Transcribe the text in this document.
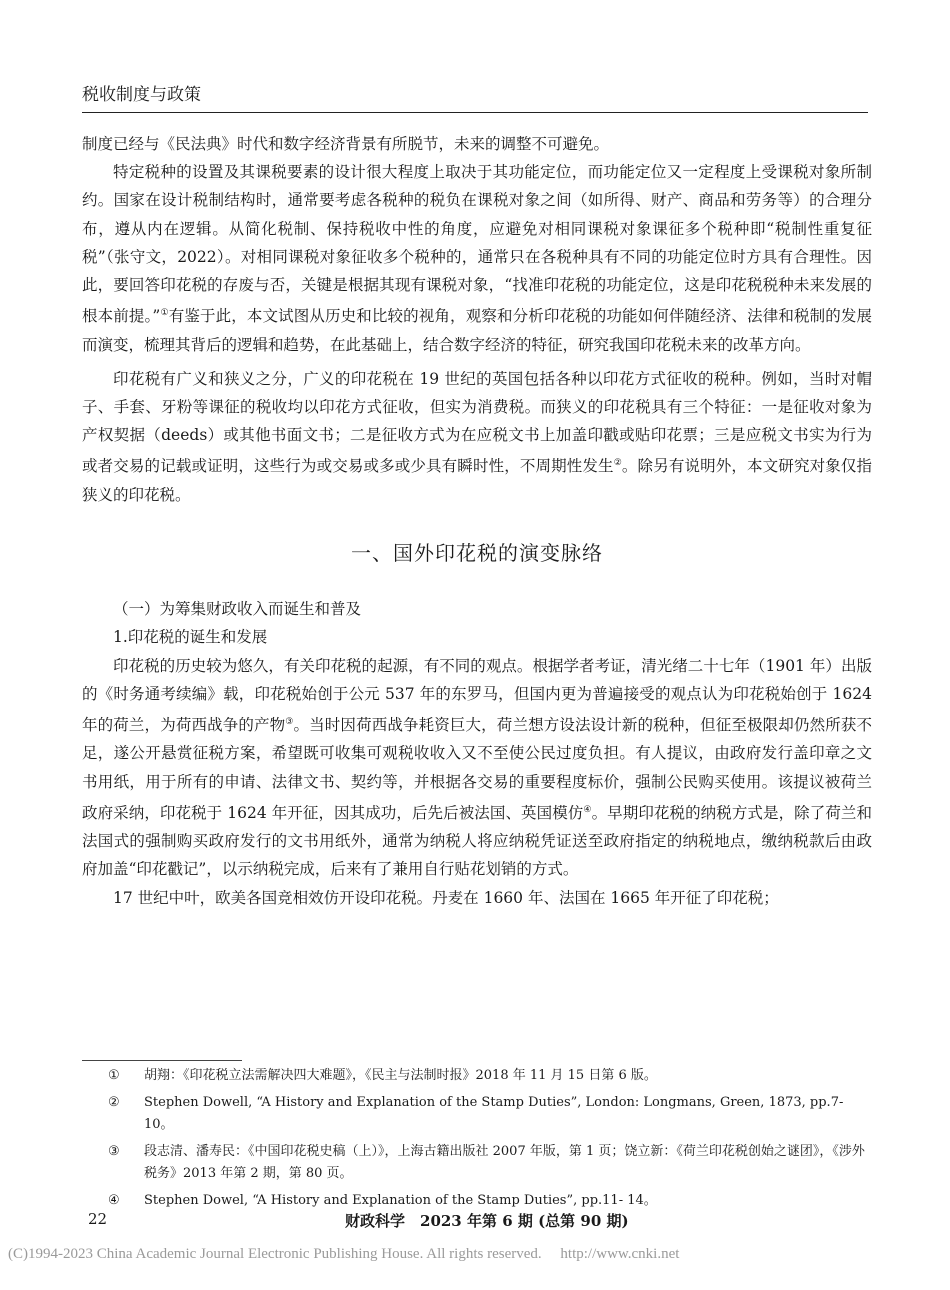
税收制度与政策

制度已经与《民法典》时代和数字经济背景有所脱节，未来的调整不可避免。

特定税种的设置及其课税要素的设计很大程度上取决于其功能定位，而功能定位又一定程度上受课税对象所制约。国家在设计税制结构时，通常要考虑各税种的税负在课税对象之间（如所得、财产、商品和劳务等）的合理分布，遵从内在逻辑。从简化税制、保持税收中性的角度，应避免对相同课税对象课征多个税种即“税制性重复征税”（张守文，2022）。对相同课税对象征收多个税种的，通常只在各税种具有不同的功能定位时方具有合理性。因此，要回答印花税的存废与否，关键是根据其现有课税对象，“找准印花税的功能定位，这是印花税税种未来发展的根本前提。”①有鉴于此，本文试图从历史和比较的视角，观察和分析印花税的功能如何伴随经济、法律和税制的发展而演变，梳理其背后的逻辑和趋势，在此基础上，结合数字经济的特征，研究我国印花税未来的改革方向。

印花税有广义和狭义之分，广义的印花税在 19 世纪的英国包括各种以印花方式征收的税种。例如，当时对帽子、手套、牙粉等课征的税收均以印花方式征收，但实为消费税。而狭义的印花税具有三个特征：一是征收对象为产权契据（deeds）或其他书面文书；二是征收方式为在应税文书上加盖印戳或贴印花票；三是应税文书实为行为或者交易的记载或证明，这些行为或交易或多或少具有瞬时性，不周期性发生②。除另有说明外，本文研究对象仅指狭义的印花税。

一、国外印花税的演变脉络

（一）为筹集财政收入而诞生和普及

1.印花税的诞生和发展

印花税的历史较为悠久，有关印花税的起源，有不同的观点。根据学者考证，清光绪二十七年（1901 年）出版的《时务通考续编》载，印花税始创于公元 537 年的东罗马，但国内更为普遍接受的观点认为印花税始创于 1624 年的荷兰，为荷西战争的产物③。当时因荷西战争耗资巨大，荷兰想方设法设计新的税种，但征至极限却仍然所获不足，遂公开悬赏征税方案，希望既可收集可观税收收入又不至使公民过度负担。有人提议，由政府发行盖印章之文书用纸，用于所有的申请、法律文书、契约等，并根据各交易的重要程度标价，强制公民购买使用。该提议被荷兰政府采纳，印花税于 1624 年开征，因其成功，后先后被法国、英国模仿④。早期印花税的纳税方式是，除了荷兰和法国式的强制购买政府发行的文书用纸外，通常为纳税人将应纳税凭证送至政府指定的纳税地点，缴纳税款后由政府加盖“印花戳记”，以示纳税完成，后来有了兼用自行贴花划销的方式。

17 世纪中叶，欧美各国竞相效仿开设印花税。丹麦在 1660 年、法国在 1665 年开征了印花税；

① 胡翔：《印花税立法需解决四大难题》，《民主与法制时报》2018 年 11 月 15 日第 6 版。

② Stephen Dowell, “A History and Explanation of the Stamp Duties”, London: Longmans, Green, 1873, pp.7- 10。

③ 段志清、潘寿民：《中国印花税史稿（上）》，上海古籍出版社 2007 年版，第 1 页；饶立新：《荷兰印花税创始之谜团》，《涉外税务》2013 年第 2 期，第 80 页。

④ Stephen Dowel, “A History and Explanation of the Stamp Duties”, pp.11- 14。

22	财政科学　2023 年第 6 期 (总第 90 期)
(C)1994-2023 China Academic Journal Electronic Publishing House. All rights reserved.　 http://www.cnki.net
